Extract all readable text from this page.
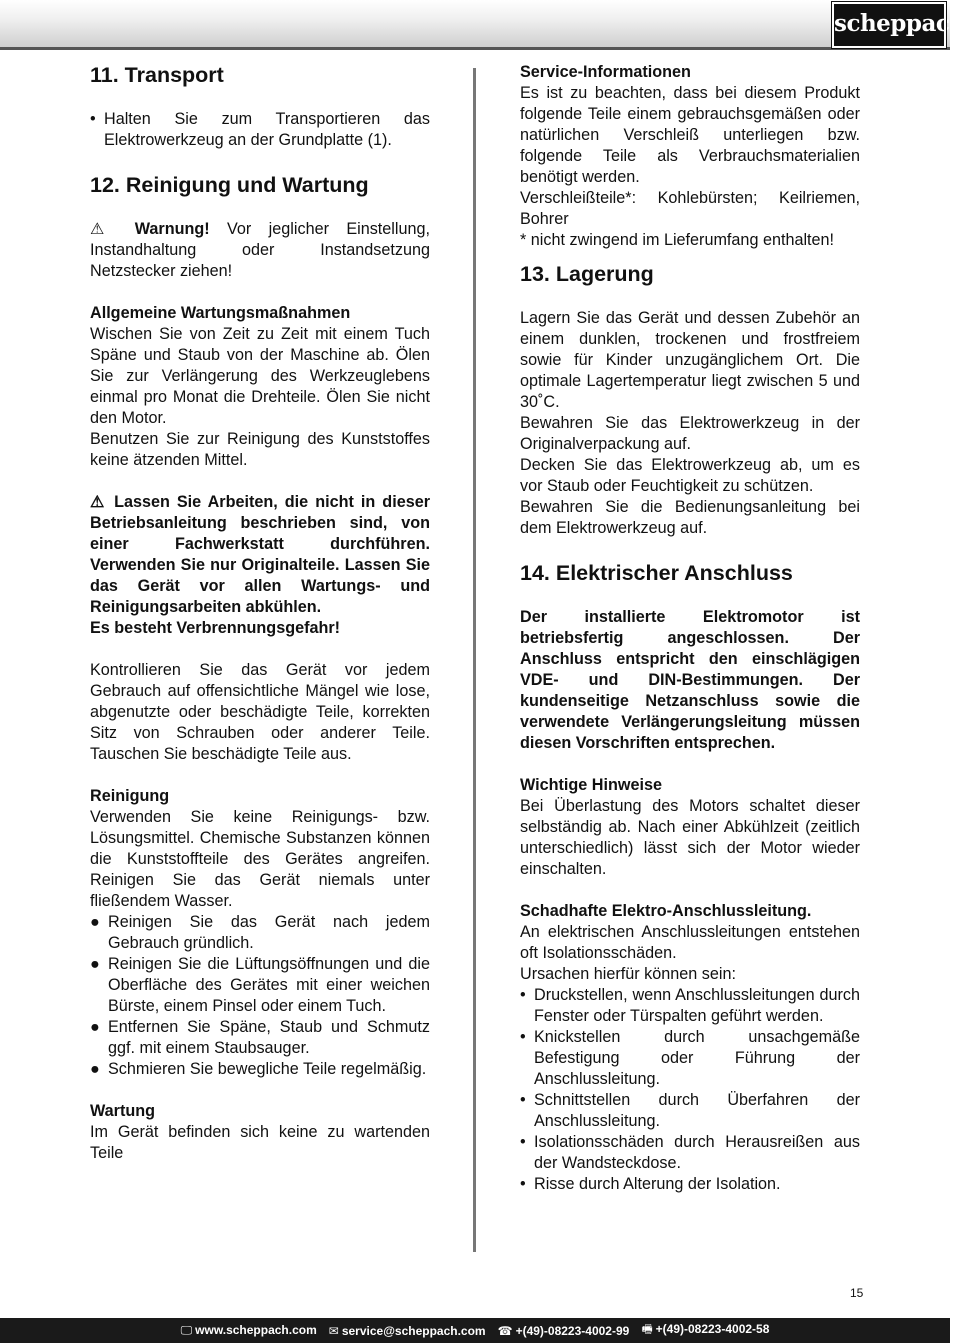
scheppach
11. Transport
• Halten Sie zum Transportieren das Elektrowerkzeug an der Grundplatte (1).
12. Reinigung und Wartung

⚠ Warnung! Vor jeglicher Einstellung, Instandhaltung oder Instandsetzung Netzstecker ziehen!

Allgemeine Wartungsmaßnahmen

Wischen Sie von Zeit zu Zeit mit einem Tuch Späne und Staub von der Maschine ab. Ölen Sie zur Verlängerung des Werkzeuglebens einmal pro Monat die Drehteile. Ölen Sie nicht den Motor.

Benutzen Sie zur Reinigung des Kunststoffes keine ätzenden Mittel.

⚠ Lassen Sie Arbeiten, die nicht in dieser Betriebsanleitung beschrieben sind, von einer Fachwerkstatt durchführen. Verwenden Sie nur Originalteile. Lassen Sie das Gerät vor allen Wartungs- und Reinigungsarbeiten abkühlen.

Es besteht Verbrennungsgefahr!

Kontrollieren Sie das Gerät vor jedem Gebrauch auf offensichtliche Mängel wie lose, abgenutzte oder beschädigte Teile, korrekten Sitz von Schrauben oder anderer Teile. Tauschen Sie beschädigte Teile aus.

Reinigung

Verwenden Sie keine Reinigungs- bzw. Lösungsmittel. Chemische Substanzen können die Kunststoffteile des Gerätes angreifen. Reinigen Sie das Gerät niemals unter fließendem Wasser.

● Reinigen Sie das Gerät nach jedem Gebrauch gründlich.
● Reinigen Sie die Lüftungsöffnungen und die Oberfläche des Gerätes mit einer weichen Bürste, einem Pinsel oder einem Tuch.
● Entfernen Sie Späne, Staub und Schmutz ggf. mit einem Staubsauger.
● Schmieren Sie bewegliche Teile regelmäßig.

Wartung

Im Gerät befinden sich keine zu wartenden Teile

Service-Informationen

Es ist zu beachten, dass bei diesem Produkt folgende Teile einem gebrauchsgemäßen oder natürlichen Verschleiß unterliegen bzw. folgende Teile als Verbrauchsmaterialien benötigt werden.

Verschleißteile*: Kohlebürsten; Keilriemen, Bohrer

* nicht zwingend im Lieferumfang enthalten!

13. Lagerung

Lagern Sie das Gerät und dessen Zubehör an einem dunklen, trockenen und frostfreiem sowie für Kinder unzugänglichem Ort. Die optimale Lagertemperatur liegt zwischen 5 und 30˚C.

Bewahren Sie das Elektrowerkzeug in der Originalverpackung auf.

Decken Sie das Elektrowerkzeug ab, um es vor Staub oder Feuchtigkeit zu schützen.

Bewahren Sie die Bedienungsanleitung bei dem Elektrowerkzeug auf.

14. Elektrischer Anschluss

Der installierte Elektromotor ist betriebsfertig angeschlossen. Der Anschluss entspricht den einschlägigen VDE- und DIN-Bestimmungen. Der kundenseitige Netzanschluss sowie die verwendete Verlängerungsleitung müssen diesen Vorschriften entsprechen.

Wichtige Hinweise

Bei Überlastung des Motors schaltet dieser selbständig ab. Nach einer Abkühlzeit (zeitlich unterschiedlich) lässt sich der Motor wieder einschalten.

Schadhafte Elektro-Anschlussleitung.

An elektrischen Anschlussleitungen entstehen oft Isolationsschäden.

Ursachen hierfür können sein:

• Druckstellen, wenn Anschlussleitungen durch Fenster oder Türspalten geführt werden.
• Knickstellen durch unsachgemäße Befestigung oder Führung der Anschlussleitung.
• Schnittstellen durch Überfahren der Anschlussleitung.
• Isolationsschäden durch Herausreißen aus der Wandsteckdose.
• Risse durch Alterung der Isolation.
15
🖵 www.scheppach.com ✉ service@scheppach.com ☎ +(49)-08223-4002-99 🖷 +(49)-08223-4002-58
